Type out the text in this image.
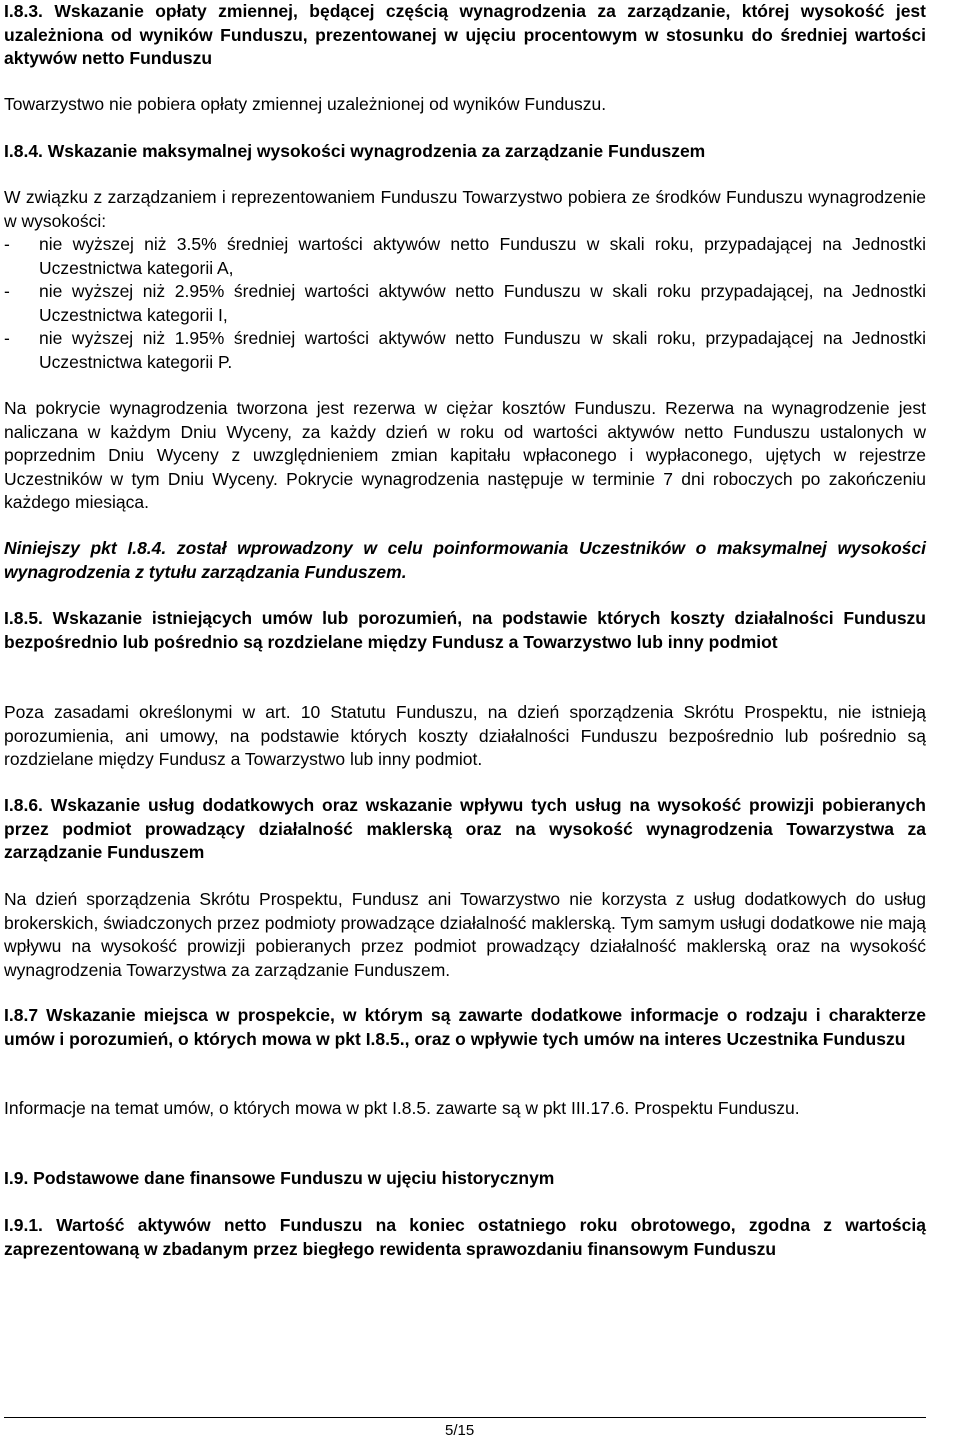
I.8.3. Wskazanie opłaty zmiennej, będącej częścią wynagrodzenia za zarządzanie, której wysokość jest uzależniona od wyników Funduszu, prezentowanej w ujęciu procentowym w stosunku do średniej wartości aktywów netto Funduszu

Towarzystwo nie pobiera opłaty zmiennej uzależnionej od wyników Funduszu.

I.8.4. Wskazanie maksymalnej wysokości wynagrodzenia za zarządzanie Funduszem

W związku z zarządzaniem i reprezentowaniem Funduszu Towarzystwo pobiera ze środków Funduszu wynagrodzenie w wysokości:

-	nie wyższej niż 3.5% średniej wartości aktywów netto Funduszu w skali roku, przypadającej na Jednostki Uczestnictwa kategorii A,
-	nie wyższej niż 2.95% średniej wartości aktywów netto Funduszu w skali roku przypadającej, na Jednostki Uczestnictwa kategorii I,
-	nie wyższej niż 1.95% średniej wartości aktywów netto Funduszu w skali roku, przypadającej na Jednostki Uczestnictwa kategorii P.

Na pokrycie wynagrodzenia tworzona jest rezerwa w ciężar kosztów Funduszu. Rezerwa na wynagrodzenie jest naliczana w każdym Dniu Wyceny, za każdy dzień w roku od wartości aktywów netto Funduszu ustalonych w poprzednim Dniu Wyceny z uwzględnieniem zmian kapitału wpłaconego i wypłaconego, ujętych w rejestrze Uczestników w tym Dniu Wyceny. Pokrycie wynagrodzenia następuje w terminie 7 dni roboczych po zakończeniu każdego miesiąca.

Niniejszy pkt I.8.4. został wprowadzony w celu poinformowania Uczestników o maksymalnej wysokości wynagrodzenia z tytułu zarządzania Funduszem.

I.8.5. Wskazanie istniejących umów lub porozumień, na podstawie których koszty działalności Funduszu bezpośrednio lub pośrednio są rozdzielane między Fundusz a Towarzystwo lub inny podmiot

Poza zasadami określonymi w art. 10 Statutu Funduszu, na dzień sporządzenia Skrótu Prospektu, nie istnieją porozumienia, ani umowy, na podstawie których koszty działalności Funduszu bezpośrednio lub pośrednio są rozdzielane między Fundusz a Towarzystwo lub inny podmiot.

I.8.6. Wskazanie usług dodatkowych oraz wskazanie wpływu tych usług na wysokość prowizji pobieranych przez podmiot prowadzący działalność maklerską oraz na wysokość wynagrodzenia Towarzystwa za zarządzanie Funduszem

Na dzień sporządzenia Skrótu Prospektu, Fundusz ani Towarzystwo nie korzysta z usług dodatkowych do usług brokerskich, świadczonych przez podmioty prowadzące działalność maklerską. Tym samym usługi dodatkowe nie mają wpływu na wysokość prowizji pobieranych przez podmiot prowadzący działalność maklerską oraz na wysokość wynagrodzenia Towarzystwa za zarządzanie Funduszem.

I.8.7 Wskazanie miejsca w prospekcie, w którym są zawarte dodatkowe informacje o rodzaju i charakterze umów i porozumień, o których mowa w pkt I.8.5., oraz o wpływie tych umów na interes Uczestnika Funduszu

Informacje na temat umów, o których mowa w pkt I.8.5. zawarte są w pkt III.17.6. Prospektu Funduszu.

I.9. Podstawowe dane finansowe Funduszu w ujęciu historycznym

I.9.1. Wartość aktywów netto Funduszu na koniec ostatniego roku obrotowego, zgodna z wartością zaprezentowaną w zbadanym przez biegłego rewidenta sprawozdaniu finansowym Funduszu

5/15
